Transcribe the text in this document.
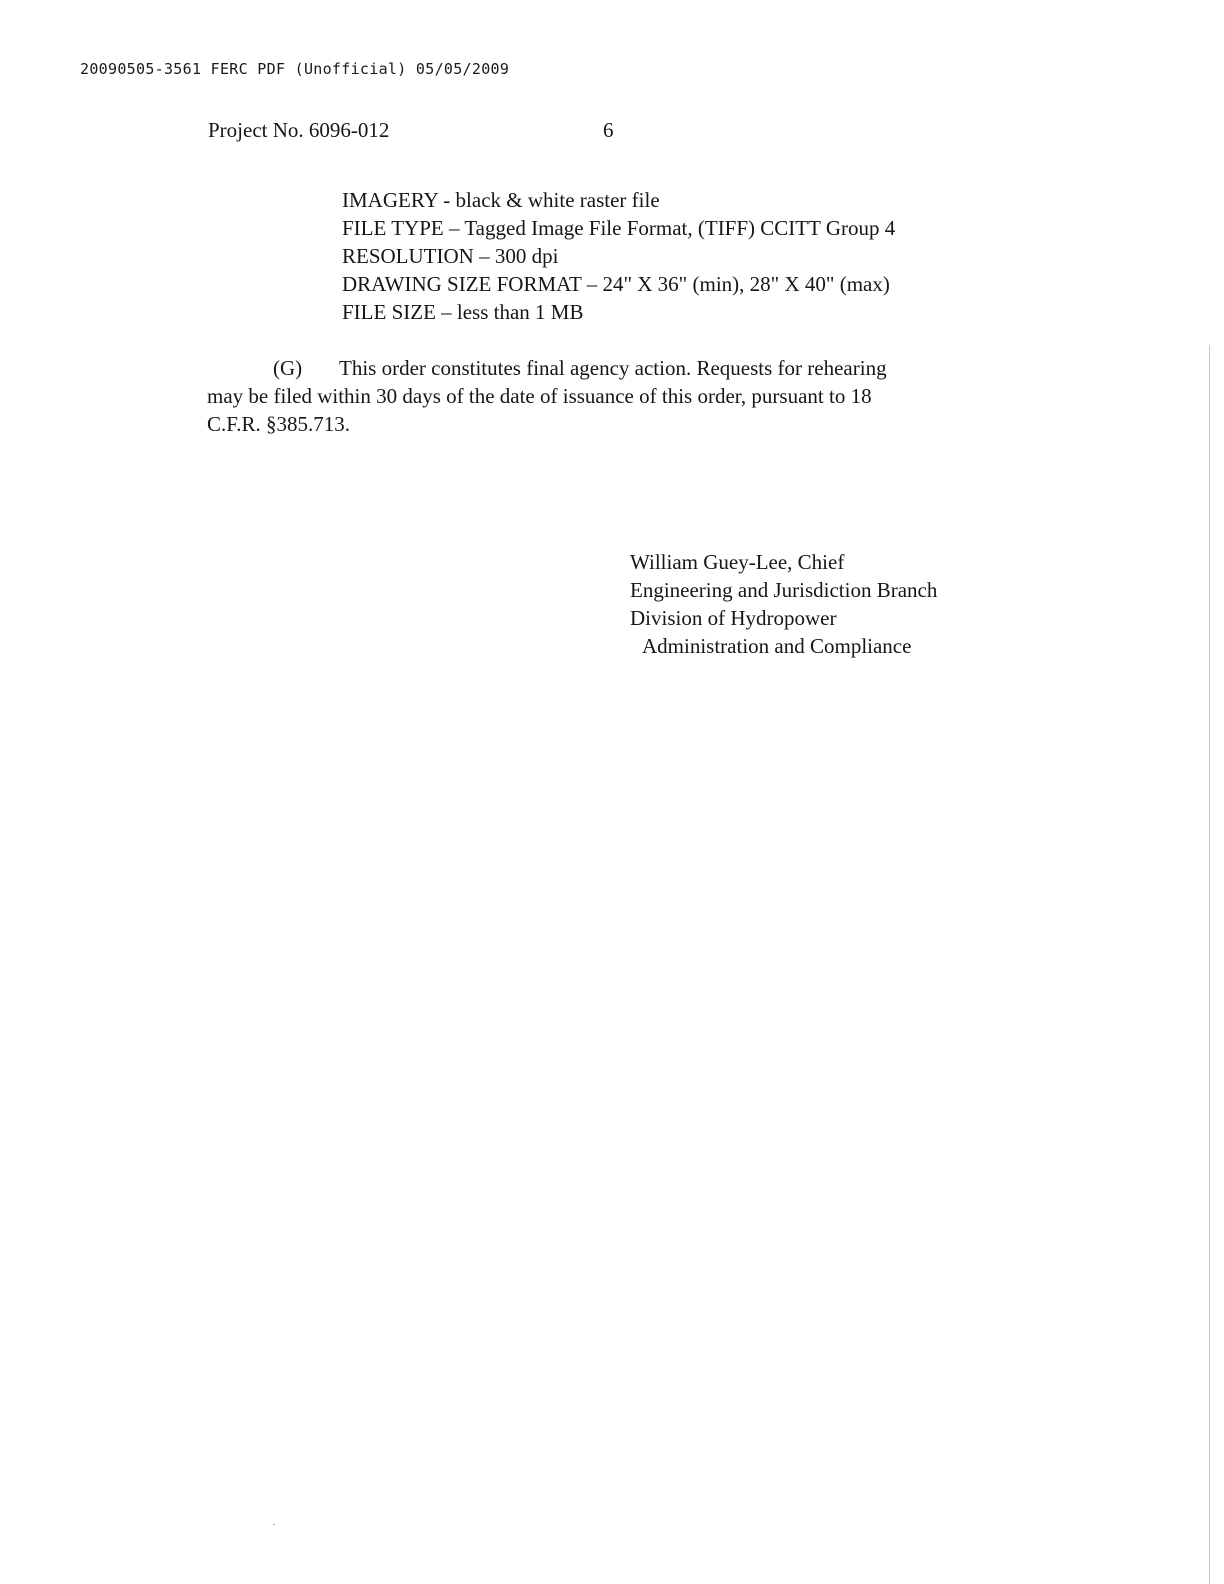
20090505-3561 FERC PDF (Unofficial) 05/05/2009
Project No. 6096-012	6
IMAGERY - black & white raster file
FILE TYPE – Tagged Image File Format, (TIFF) CCITT Group 4
RESOLUTION – 300 dpi
DRAWING SIZE FORMAT – 24" X 36" (min), 28" X 40" (max)
FILE SIZE – less than 1 MB
(G) This order constitutes final agency action. Requests for rehearing
may be filed within 30 days of the date of issuance of this order, pursuant to 18
C.F.R. §385.713.
William Guey-Lee, Chief
Engineering and Jurisdiction Branch
Division of Hydropower
Administration and Compliance
